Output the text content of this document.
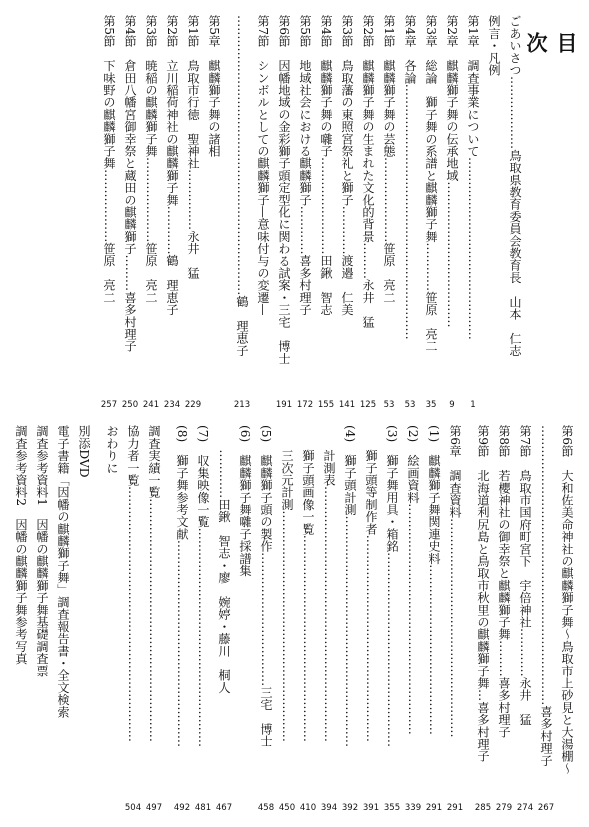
目　次
ごあいさつ………………鳥取県教育委員会教育長　山本　仁志
例言・凡例
第1章　調査事業について………………………………………
1
第2章　麒麟獅子舞の伝承地域………………………………
9
第3章　総論　獅子舞の系譜と麒麟獅子舞…………笹原　亮二
35
第4章　各論………………………………………………………
53
第1節　麒麟獅子舞の芸態…………………笹原　亮二
53
第2節　麒麟獅子舞の生まれた文化的背景………永井　猛
125
第3節　鳥取藩の東照宮祭礼と獅子…………渡邉　仁美
141
第4節　麒麟獅子舞の囃子……………………田鍬　智志
155
第5節　地域社会における麒麟獅子…………喜多村理子
172
第6節　因幡地域の金彩獅子頭定型化に関わる試案・三宅　博士
191
第7節　シンボルとしての麒麟獅子—意味付与の変遷—
……………………………………………………………鶴　理恵子
213
第5章　麒麟獅子舞の諸相
第1節　鳥取市行徳　聖神社……………永井　猛
229
第2節　立川稲荷神社の麒麟獅子舞…………鶴　理恵子
234
第3節　暁稲の麒麟獅子舞…………………笹原　亮二
241
第4節　倉田八幡宮御幸祭と蔵田の麒麟獅子………喜多村理子
250
第5節　下味野の麒麟獅子舞………………笹原　亮二
257
第6節　大和佐美命神社の麒麟獅子舞～鳥取市上砂見と大湯棚～
……………………………………………………………喜多村理子
267
第7節　鳥取市国府町宮下　宇倍神社…………永井　猛
274
第8節　若櫻神社の御幸祭と麒麟獅子舞………喜多村理子
279
第9節　北海道利尻島と鳥取市秋里の麒麟獅子舞…喜多村理子
285
第6章　調査資料………………………………………………
291
(1)　麒麟獅子舞関連史料……………………………………
291
(2)　絵画資料…………………………………………………
339
(3)　獅子舞用具・箱銘…………………………………………
355
　　獅子頭等制作者……………………………………………
391
(4)　獅子頭計測…………………………………………………
392
　　計測表………………………………………………………
394
　　獅子頭画像一覧……………………………………………
410
　　三次元計測…………………………………………………
450
(5)　麒麟獅子頭の製作……………………………三宅　博士
458
(6)　麒麟獅子舞囃子採譜集
　　…………田鍬　智志・廖　婉婷・藤川　桐人
467
(7)　収集映像一覧………………………………………………
481
(8)　獅子舞参考文献……………………………………………
492
調査実績一覧……………………………………………………
497
協力者一覧………………………………………………………
504
おわりに
別添DVD
電子書籍「因幡の麒麟獅子舞」調査報告書・全文検索
調査参考資料1　因幡の麒麟獅子舞基礎調査票
調査参考資料2　因幡の麒麟獅子舞参考写真
